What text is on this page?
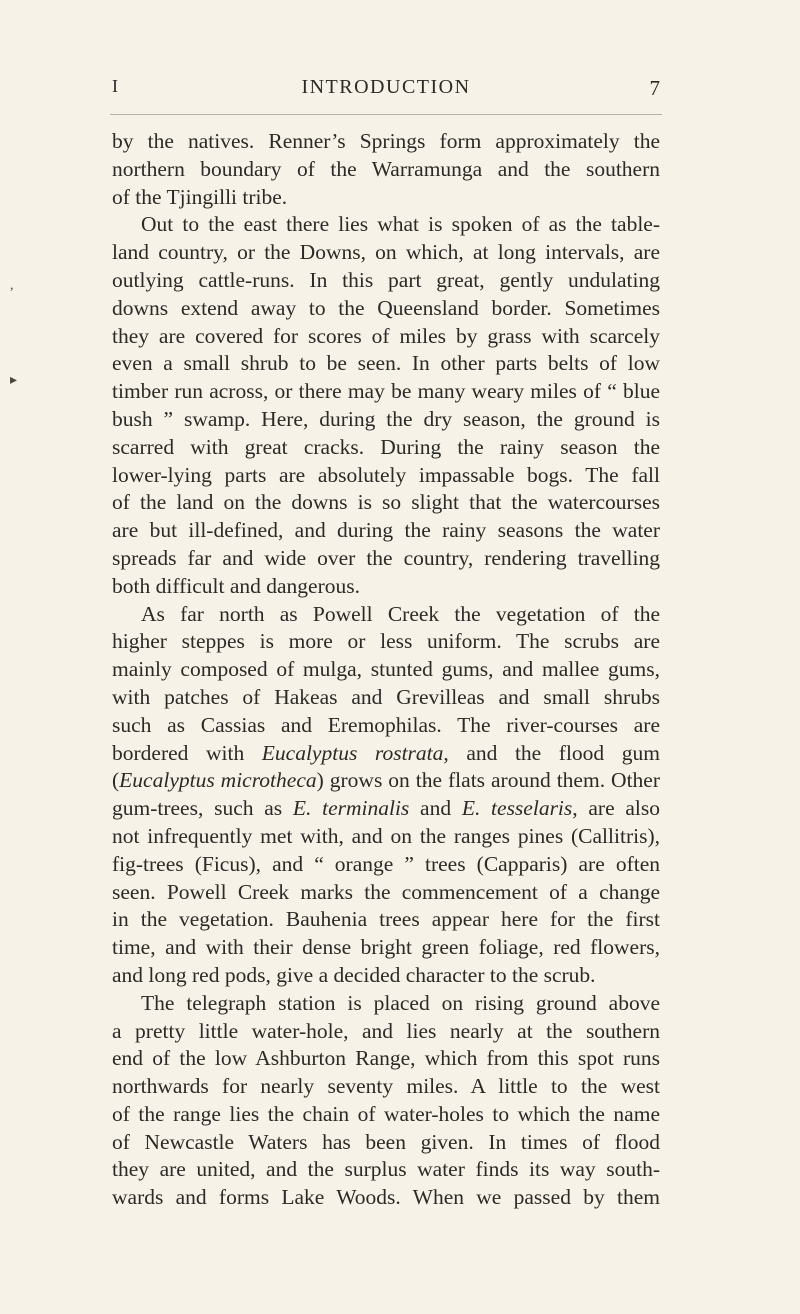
I	INTRODUCTION	7
,
▸
by the natives. Renner’s Springs form approximately the
northern boundary of the Warramunga and the southern
of the Tjingilli tribe.
Out to the east there lies what is spoken of as the table-
land country, or the Downs, on which, at long intervals, are
outlying cattle-runs. In this part great, gently undulating
downs extend away to the Queensland border. Sometimes
they are covered for scores of miles by grass with scarcely
even a small shrub to be seen. In other parts belts of low
timber run across, or there may be many weary miles of “ blue
bush ” swamp. Here, during the dry season, the ground is
scarred with great cracks. During the rainy season the
lower-lying parts are absolutely impassable bogs. The fall
of the land on the downs is so slight that the watercourses
are but ill-defined, and during the rainy seasons the water
spreads far and wide over the country, rendering travelling
both difficult and dangerous.
As far north as Powell Creek the vegetation of the
higher steppes is more or less uniform. The scrubs are
mainly composed of mulga, stunted gums, and mallee gums,
with patches of Hakeas and Grevilleas and small shrubs
such as Cassias and Eremophilas. The river-courses are
bordered with Eucalyptus rostrata, and the flood gum
(Eucalyptus microtheca) grows on the flats around them. Other
gum-trees, such as E. terminalis and E. tesselaris, are also
not infrequently met with, and on the ranges pines (Callitris),
fig-trees (Ficus), and “ orange ” trees (Capparis) are often
seen. Powell Creek marks the commencement of a change
in the vegetation. Bauhenia trees appear here for the first
time, and with their dense bright green foliage, red flowers,
and long red pods, give a decided character to the scrub.
The telegraph station is placed on rising ground above
a pretty little water-hole, and lies nearly at the southern
end of the low Ashburton Range, which from this spot runs
northwards for nearly seventy miles. A little to the west
of the range lies the chain of water-holes to which the name
of Newcastle Waters has been given. In times of flood
they are united, and the surplus water finds its way south-
wards and forms Lake Woods. When we passed by them
